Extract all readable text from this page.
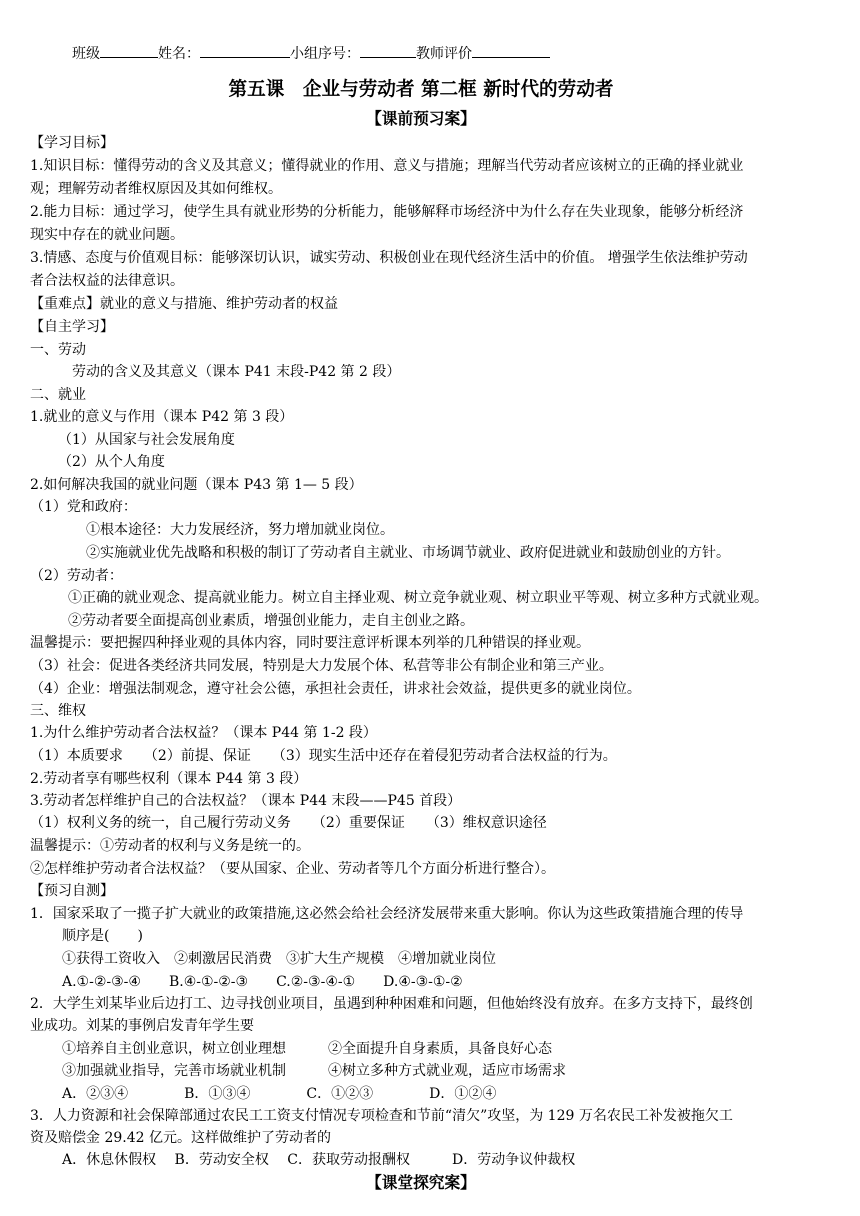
班级	姓名：	小组序号：	教师评价
第五课　企业与劳动者 第二框 新时代的劳动者
【课前预习案】
【学习目标】
1.知识目标：懂得劳动的含义及其意义；懂得就业的作用、意义与措施；理解当代劳动者应该树立的正确的择业就业
观；理解劳动者维权原因及其如何维权。
2.能力目标：通过学习，使学生具有就业形势的分析能力，能够解释市场经济中为什么存在失业现象，能够分析经济
现实中存在的就业问题。
3.情感、态度与价值观目标：能够深切认识，诚实劳动、积极创业在现代经济生活中的价值。 增强学生依法维护劳动
者合法权益的法律意识。
【重难点】就业的意义与措施、维护劳动者的权益
【自主学习】
一、劳动
劳动的含义及其意义（课本 P41 末段-P42 第 2 段）
二、就业
1.就业的意义与作用（课本 P42 第 3 段）
（1）从国家与社会发展角度
（2）从个人角度
2.如何解决我国的就业问题（课本 P43 第 1— 5 段）
（1）党和政府：
①根本途径：大力发展经济，努力增加就业岗位。
②实施就业优先战略和积极的制订了劳动者自主就业、市场调节就业、政府促进就业和鼓励创业的方针。
（2）劳动者：
①正确的就业观念、提高就业能力。树立自主择业观、树立竞争就业观、树立职业平等观、树立多种方式就业观。
②劳动者要全面提高创业素质，增强创业能力，走自主创业之路。
温馨提示：要把握四种择业观的具体内容，同时要注意评析课本列举的几种错误的择业观。
（3）社会：促进各类经济共同发展，特别是大力发展个体、私营等非公有制企业和第三产业。
（4）企业：增强法制观念，遵守社会公德，承担社会责任，讲求社会效益，提供更多的就业岗位。
三、维权
1.为什么维护劳动者合法权益？（课本 P44 第 1-2 段）
（1）本质要求　　（2）前提、保证　　（3）现实生活中还存在着侵犯劳动者合法权益的行为。
2.劳动者享有哪些权利（课本 P44 第 3 段）
3.劳动者怎样维护自己的合法权益？（课本 P44 末段——P45 首段）
（1）权利义务的统一，自己履行劳动义务　　（2）重要保证　　（3）维权意识途径
温馨提示：①劳动者的权利与义务是统一的。
②怎样维护劳动者合法权益？（要从国家、企业、劳动者等几个方面分析进行整合）。
【预习自测】
1．国家采取了一揽子扩大就业的政策措施,这必然会给社会经济发展带来重大影响。你认为这些政策措施合理的传导
顺序是(　　)
①获得工资收入　②刺激居民消费　③扩大生产规模　④增加就业岗位
A.①-②-③-④　　B.④-①-②-③　　C.②-③-④-①　　D.④-③-①-②
2．大学生刘某毕业后边打工、边寻找创业项目，虽遇到种种困难和问题，但他始终没有放弃。在多方支持下，最终创
业成功。刘某的事例启发青年学生要
①培养自主创业意识，树立创业理想　　　②全面提升自身素质，具备良好心态
③加强就业指导，完善市场就业机制　　　④树立多种方式就业观，适应市场需求
A．②③④　　　　B．①③④　　　　C．①②③　　　　D．①②④
3．人力资源和社会保障部通过农民工工资支付情况专项检查和节前“清欠”攻坚，为 129 万名农民工补发被拖欠工
资及赔偿金 29.42 亿元。这样做维护了劳动者的
A．休息休假权　 B．劳动安全权　 C．获取劳动报酬权　　　D．劳动争议仲裁权
【课堂探究案】
